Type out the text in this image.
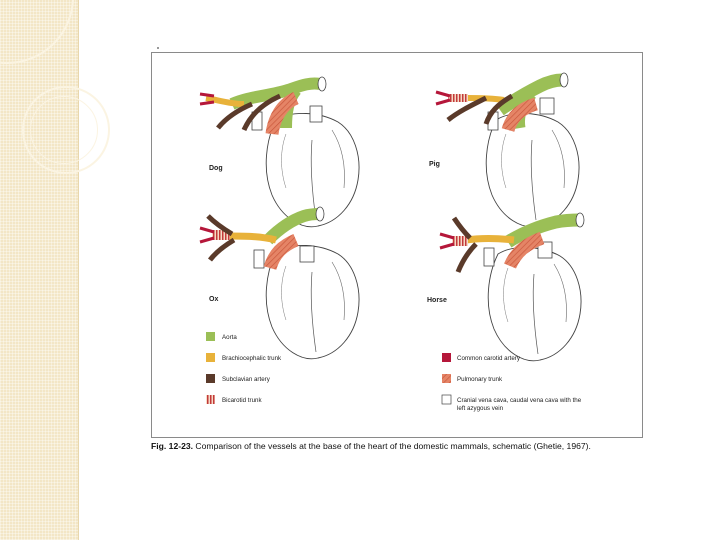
Dog
Pig
Ox	Horse
Aorta
Brachiocephalic trunk
Subclavian artery
Bicarotid trunk
Common carotid artery
Pulmonary trunk
Cranial vena cava, caudal vena cava with the
left azygous vein
Fig. 12-23. Comparison of the vessels at the base of the heart of the domestic mammals, schematic (Ghetie, 1967).
